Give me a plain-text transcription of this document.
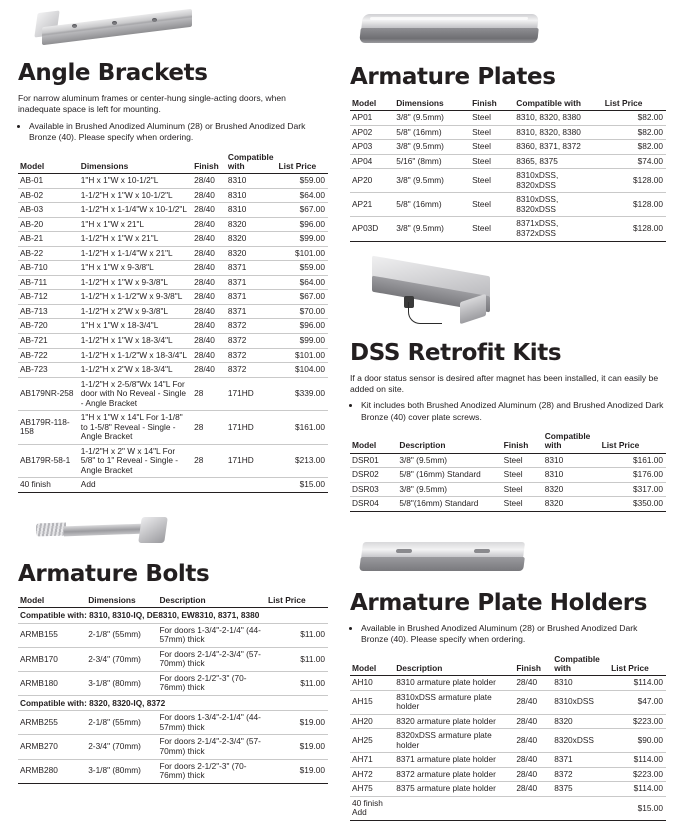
Angle Brackets

For narrow aluminum frames or center-hung single-acting doors, when inadequate space is left for mounting.

• Available in Brushed Anodized Aluminum (28) or Brushed Anodized Dark Bronze (40). Please specify when ordering.
Model	Dimensions	Finish	Compatible with	List Price
AB-01	1"H x 1"W x 10-1/2"L	28/40	8310	$59.00
AB-02	1-1/2"H x 1"W x 10-1/2"L	28/40	8310	$64.00
AB-03	1-1/2"H x 1-1/4"W x 10-1/2"L	28/40	8310	$67.00
AB-20	1"H x 1"W x 21"L	28/40	8320	$96.00
AB-21	1-1/2"H x 1"W x 21"L	28/40	8320	$99.00
AB-22	1-1/2"H x 1-1/4"W x 21"L	28/40	8320	$101.00
AB-710	1"H x 1"W x 9-3/8"L	28/40	8371	$59.00
AB-711	1-1/2"H x 1"W x 9-3/8"L	28/40	8371	$64.00
AB-712	1-1/2"H x 1-1/2"W x 9-3/8"L	28/40	8371	$67.00
AB-713	1-1/2"H x 2"W x 9-3/8"L	28/40	8371	$70.00
AB-720	1"H x 1"W x 18-3/4"L	28/40	8372	$96.00
AB-721	1-1/2"H x 1"W x 18-3/4"L	28/40	8372	$99.00
AB-722	1-1/2"H x 1-1/2"W x 18-3/4"L	28/40	8372	$101.00
AB-723	1-1/2"H x 2"W x 18-3/4"L	28/40	8372	$104.00
AB179NR-258	1-1/2"H x 2-5/8"Wx 14"L For door with No Reveal - Single - Angle Bracket	28	171HD	$339.00
AB179R-118-158	1"H x 1"W x 14"L For 1-1/8" to 1-5/8" Reveal - Single - Angle Bracket	28	171HD	$161.00
AB179R-58-1	1-1/2"H x 2" W x 14"L For 5/8" to 1" Reveal - Single - Angle Bracket	28	171HD	$213.00
40 finish	Add			$15.00
Armature Bolts
Model	Dimensions	Description	List Price
Compatible with: 8310, 8310-IQ, DE8310, EW8310, 8371, 8380			
ARMB155	2-1/8" (55mm)	For doors 1-3/4"-2-1/4" (44-57mm) thick	$11.00
ARMB170	2-3/4" (70mm)	For doors 2-1/4"-2-3/4" (57-70mm) thick	$11.00
ARMB180	3-1/8" (80mm)	For doors 2-1/2"-3" (70-76mm) thick	$11.00
Compatible with: 8320, 8320-IQ, 8372			
ARMB255	2-1/8" (55mm)	For doors 1-3/4"-2-1/4" (44-57mm) thick	$19.00
ARMB270	2-3/4" (70mm)	For doors 2-1/4"-2-3/4" (57-70mm) thick	$19.00
ARMB280	3-1/8" (80mm)	For doors 2-1/2"-3" (70-76mm) thick	$19.00
Armature Plates
Model	Dimensions	Finish	Compatible with	List Price
AP01	3/8" (9.5mm)	Steel	8310, 8320, 8380	$82.00
AP02	5/8" (16mm)	Steel	8310, 8320, 8380	$82.00
AP03	3/8" (9.5mm)	Steel	8360, 8371, 8372	$82.00
AP04	5/16" (8mm)	Steel	8365, 8375	$74.00
AP20	3/8" (9.5mm)	Steel	8310xDSS, 8320xDSS	$128.00
AP21	5/8" (16mm)	Steel	8310xDSS, 8320xDSS	$128.00
AP03D	3/8" (9.5mm)	Steel	8371xDSS, 8372xDSS	$128.00
DSS Retrofit Kits

If a door status sensor is desired after magnet has been installed, it can easily be added on site.

• Kit includes both Brushed Anodized Aluminum (28) and Brushed Anodized Dark Bronze (40) cover plate screws.
Model	Description	Finish	Compatible with	List Price
DSR01	3/8" (9.5mm)	Steel	8310	$161.00
DSR02	5/8" (16mm) Standard	Steel	8310	$176.00
DSR03	3/8" (9.5mm)	Steel	8320	$317.00
DSR04	5/8"(16mm) Standard	Steel	8320	$350.00
Armature Plate Holders
• Available in Brushed Anodized Aluminum (28) or Brushed Anodized Dark Bronze (40). Please specify when ordering.
Model	Description	Finish	Compatible with	List Price
AH10	8310 armature plate holder	28/40	8310	$114.00
AH15	8310xDSS armature plate holder	28/40	8310xDSS	$47.00
AH20	8320 armature plate holder	28/40	8320	$223.00
AH25	8320xDSS armature plate holder	28/40	8320xDSS	$90.00
AH71	8371 armature plate holder	28/40	8371	$114.00
AH72	8372 armature plate holder	28/40	8372	$223.00
AH75	8375 armature plate holder	28/40	8375	$114.00
40 finish Add				$15.00
